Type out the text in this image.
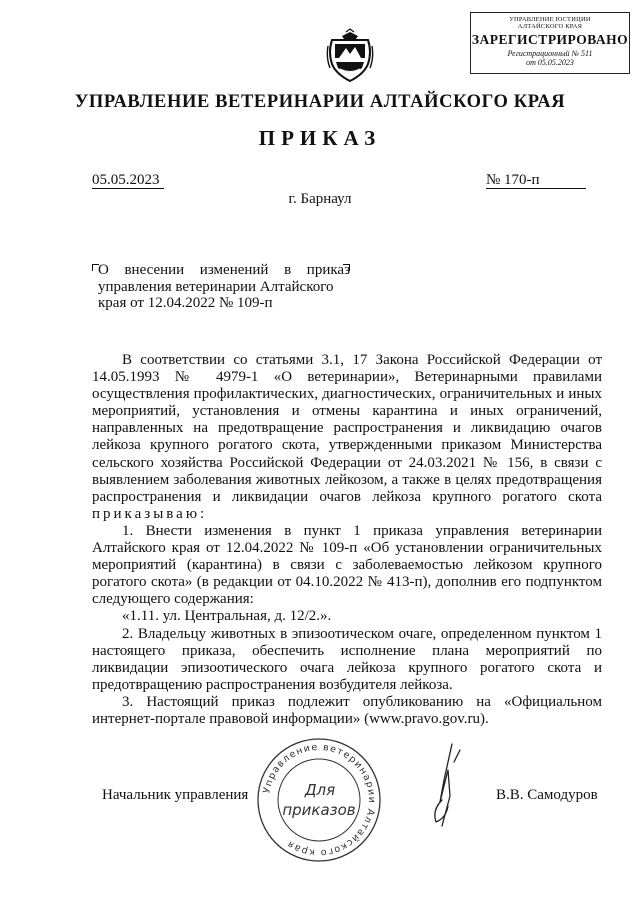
УПРАВЛЕНИЕ ЮСТИЦИИ
АЛТАЙСКОГО КРАЯ
ЗАРЕГИСТРИРОВАНО
Регистрационный № 511
от 05.05.2023
УПРАВЛЕНИЕ ВЕТЕРИНАРИИ АЛТАЙСКОГО КРАЯ
ПРИКАЗ
05.05.2023	№ 170-п
г. Барнаул
О внесении изменений в приказ
управления ветеринарии Алтайского края от 12.04.2022 № 109-п

В соответствии со статьями 3.1, 17 Закона Российской Федерации от 14.05.1993 № 4979-1 «О ветеринарии», Ветеринарными правилами осуществления профилактических, диагностических, ограничительных и иных мероприятий, установления и отмены карантина и иных ограничений, направленных на предотвращение распространения и ликвидацию очагов лейкоза крупного рогатого скота, утвержденными приказом Министерства сельского хозяйства Российской Федерации от 24.03.2021 № 156, в связи с выявлением заболевания животных лейкозом, а также в целях предотвращения распространения и ликвидации очагов лейкоза крупного рогатого скота приказываю:

1. Внести изменения в пункт 1 приказа управления ветеринарии Алтайского края от 12.04.2022 № 109-п «Об установлении ограничительных мероприятий (карантина) в связи с заболеваемостью лейкозом крупного рогатого скота» (в редакции от 04.10.2022 № 413-п), дополнив его подпунктом следующего содержания:

«1.11. ул. Центральная, д. 12/2.».

2. Владельцу животных в эпизоотическом очаге, определенном пунктом 1 настоящего приказа, обеспечить исполнение плана мероприятий по ликвидации эпизоотического очага лейкоза крупного рогатого скота и предотвращению распространения возбудителя лейкоза.

3. Настоящий приказ подлежит опубликованию на «Официальном интернет-портале правовой информации» (www.pravo.gov.ru).

Управление ветеринарии Алтайского края
Для
приказов
Начальник управления	В.В. Самодуров
